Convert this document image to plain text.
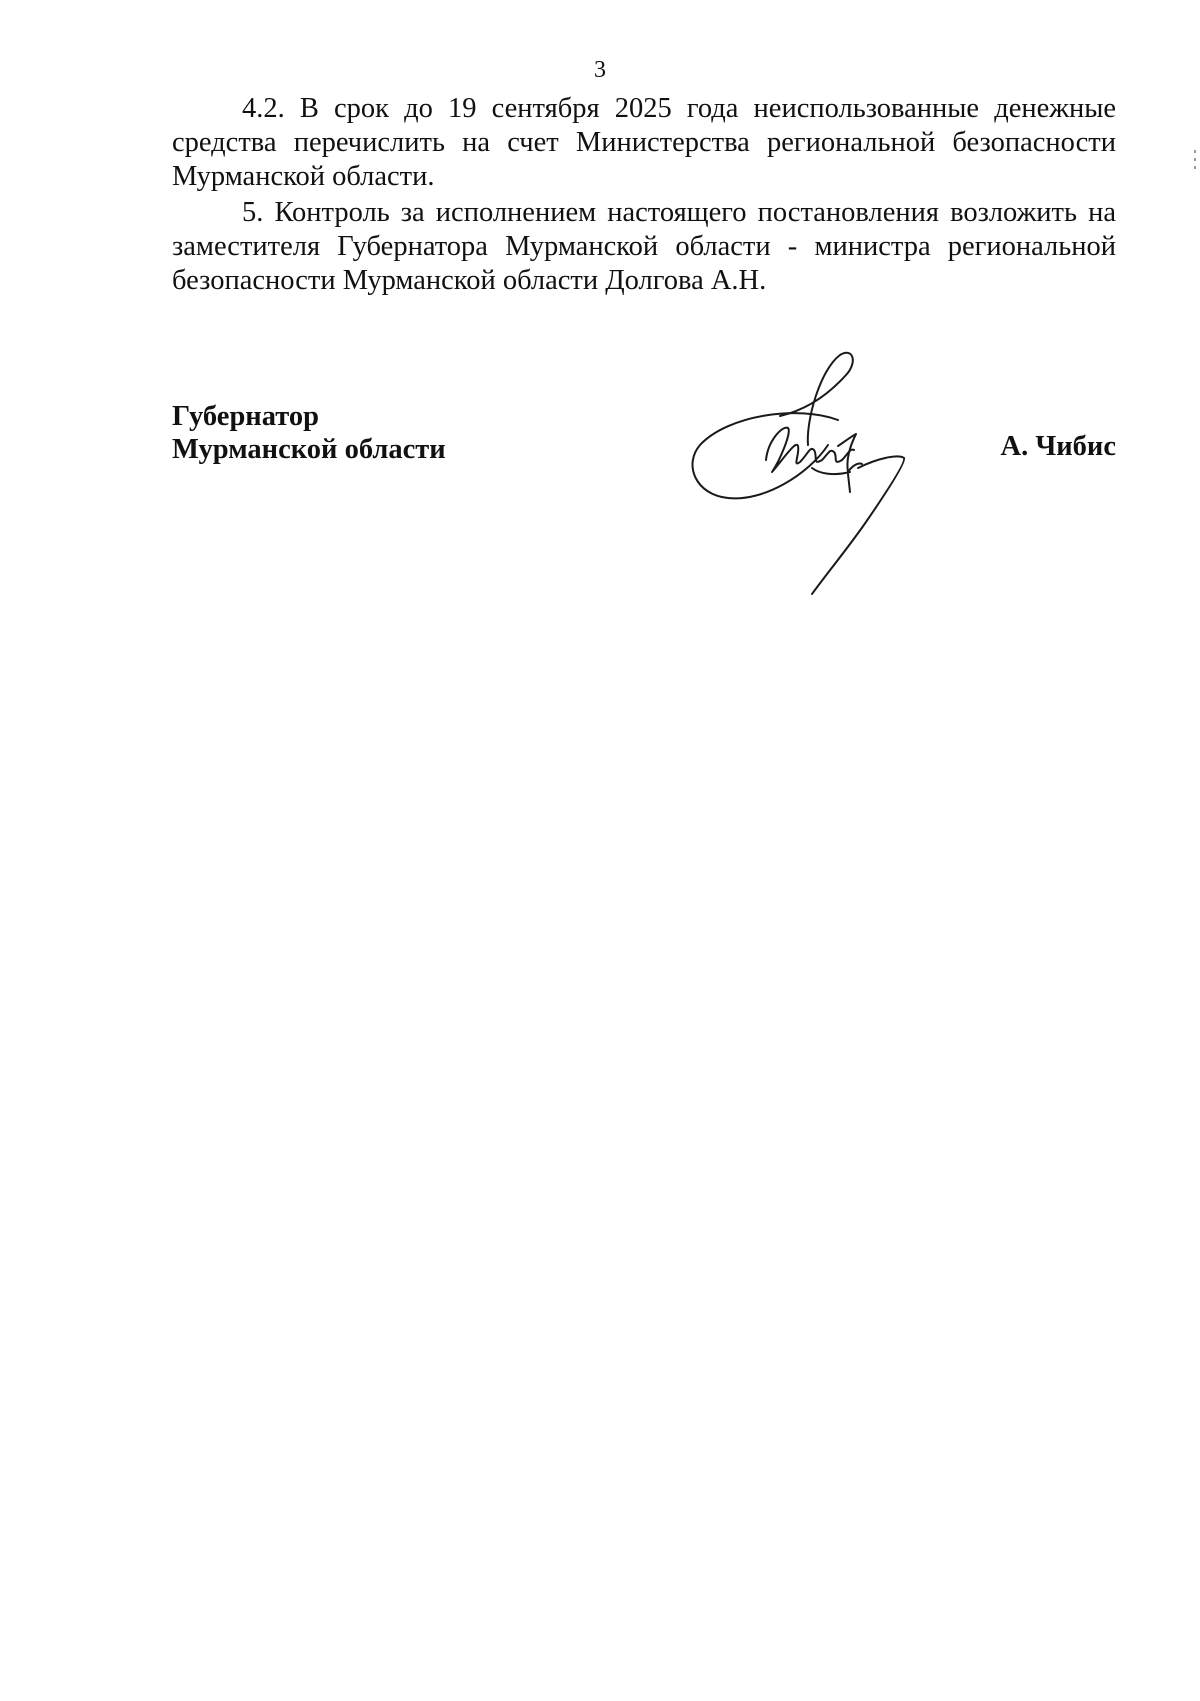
3

4.2. В срок до 19 сентября 2025 года неиспользованные денежные средства перечислить на счет Министерства региональной безопасности Мурманской области.

5. Контроль за исполнением настоящего постановления возложить на заместителя Губернатора Мурманской области - министра региональной безопасности Мурманской области Долгова А.Н.

Губернатор
Мурманской области	А. Чибис
